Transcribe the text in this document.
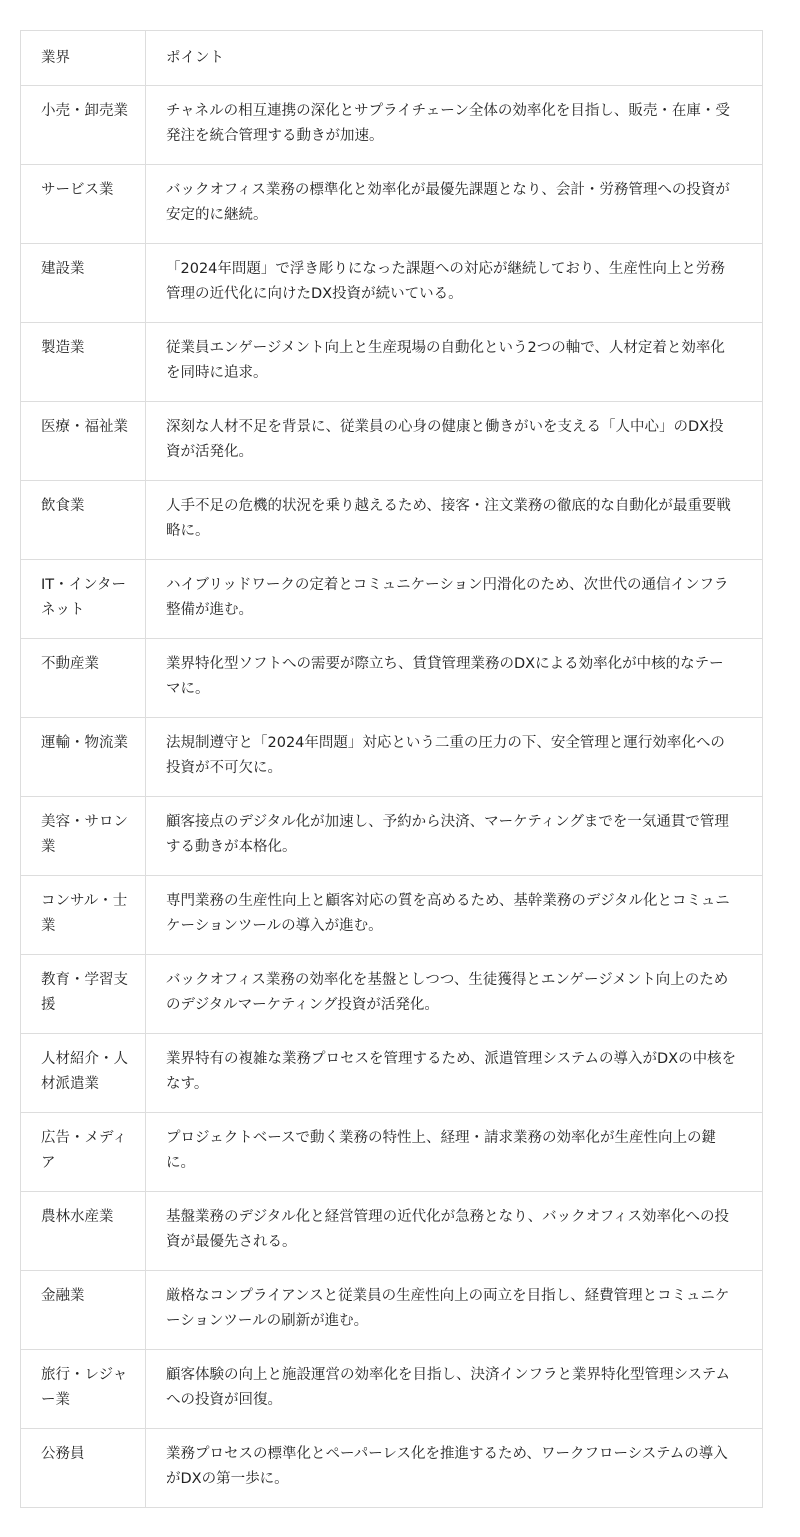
業界	ポイント
小売・卸売業	チャネルの相互連携の深化とサプライチェーン全体の効率化を目指し、販売・在庫・受発注を統合管理する動きが加速。
サービス業	バックオフィス業務の標準化と効率化が最優先課題となり、会計・労務管理への投資が安定的に継続。
建設業	「2024年問題」で浮き彫りになった課題への対応が継続しており、生産性向上と労務管理の近代化に向けたDX投資が続いている。
製造業	従業員エンゲージメント向上と生産現場の自動化という2つの軸で、人材定着と効率化を同時に追求。
医療・福祉業	深刻な人材不足を背景に、従業員の心身の健康と働きがいを支える「人中心」のDX投資が活発化。
飲食業	人手不足の危機的状況を乗り越えるため、接客・注文業務の徹底的な自動化が最重要戦略に。
IT・インターネット	ハイブリッドワークの定着とコミュニケーション円滑化のため、次世代の通信インフラ整備が進む。
不動産業	業界特化型ソフトへの需要が際立ち、賃貸管理業務のDXによる効率化が中核的なテーマに。
運輸・物流業	法規制遵守と「2024年問題」対応という二重の圧力の下、安全管理と運行効率化への投資が不可欠に。
美容・サロン業	顧客接点のデジタル化が加速し、予約から決済、マーケティングまでを一気通貫で管理する動きが本格化。
コンサル・士業	専門業務の生産性向上と顧客対応の質を高めるため、基幹業務のデジタル化とコミュニケーションツールの導入が進む。
教育・学習支援	バックオフィス業務の効率化を基盤としつつ、生徒獲得とエンゲージメント向上のためのデジタルマーケティング投資が活発化。
人材紹介・人材派遣業	業界特有の複雑な業務プロセスを管理するため、派遣管理システムの導入がDXの中核をなす。
広告・メディア	プロジェクトベースで動く業務の特性上、経理・請求業務の効率化が生産性向上の鍵に。
農林水産業	基盤業務のデジタル化と経営管理の近代化が急務となり、バックオフィス効率化への投資が最優先される。
金融業	厳格なコンプライアンスと従業員の生産性向上の両立を目指し、経費管理とコミュニケーションツールの刷新が進む。
旅行・レジャー業	顧客体験の向上と施設運営の効率化を目指し、決済インフラと業界特化型管理システムへの投資が回復。
公務員	業務プロセスの標準化とペーパーレス化を推進するため、ワークフローシステムの導入がDXの第一歩に。
